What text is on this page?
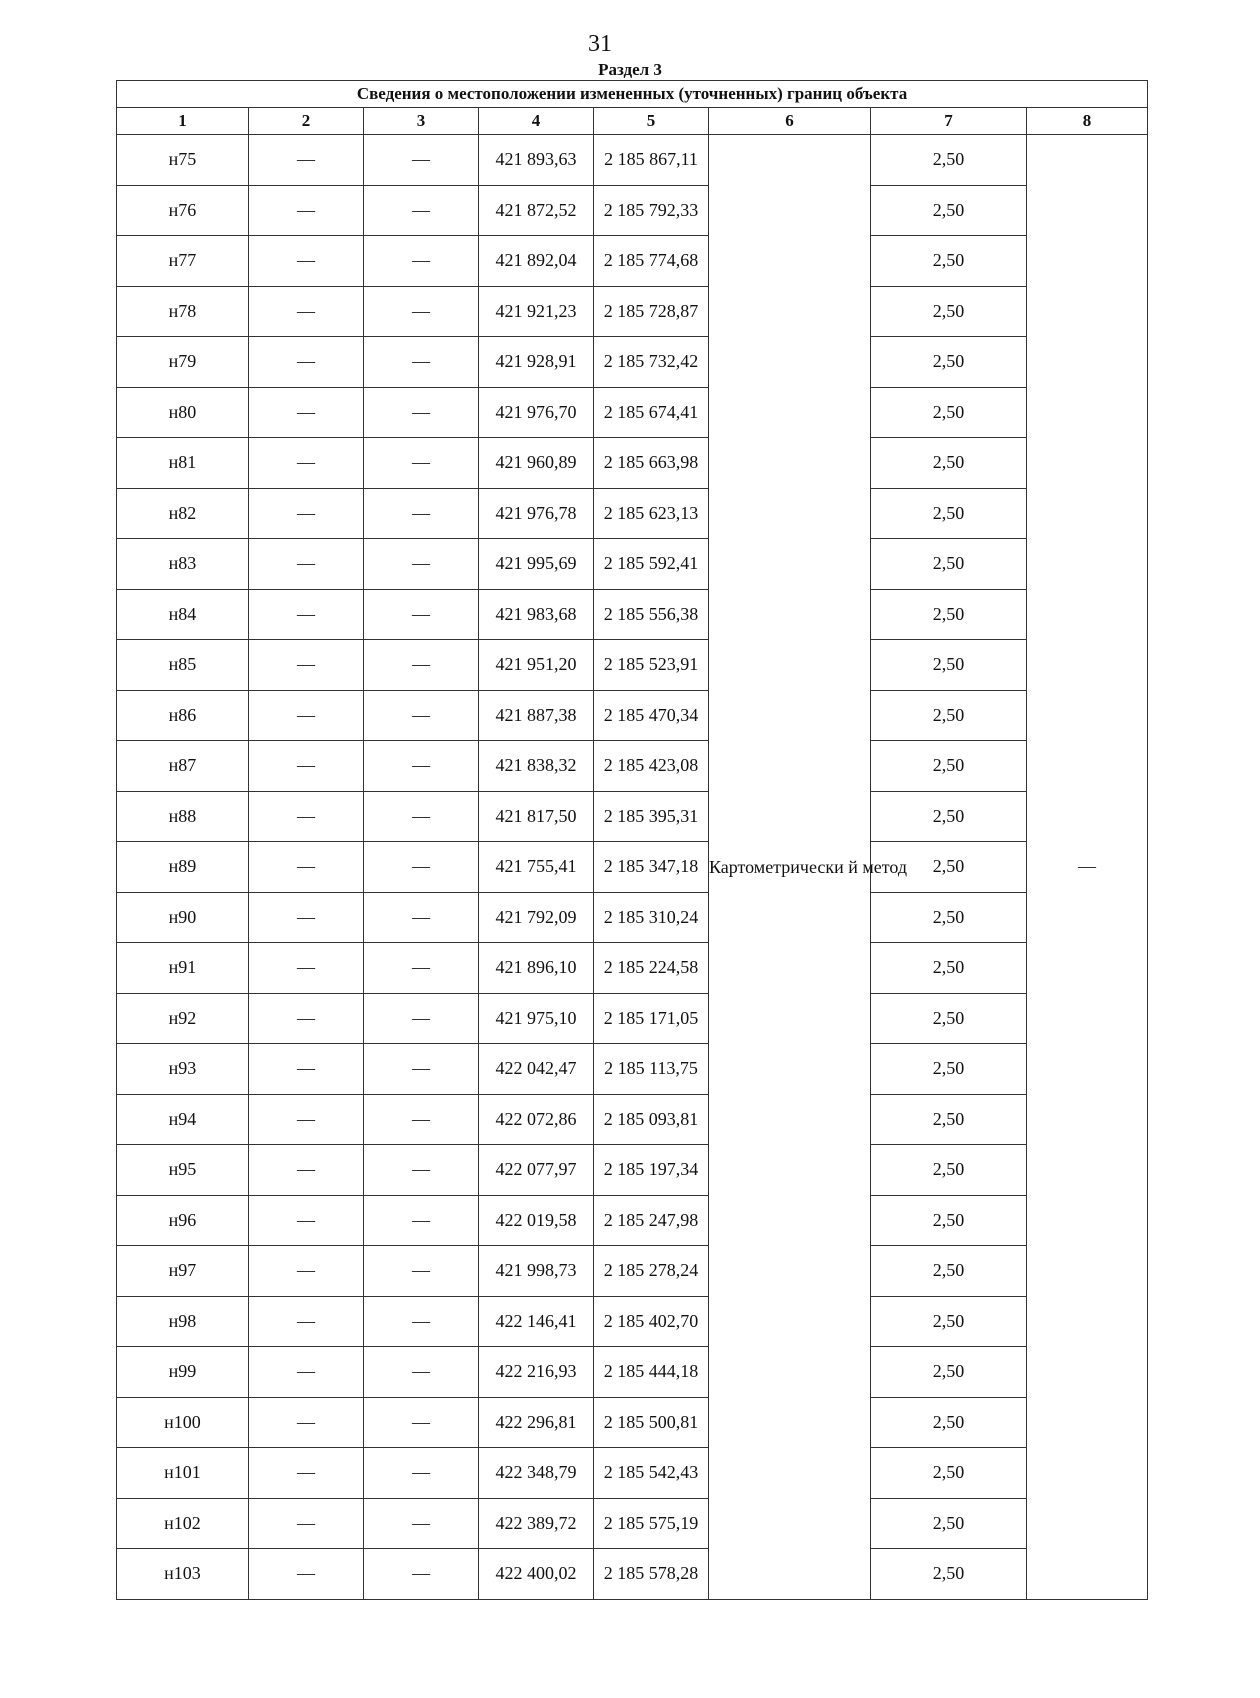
31
Раздел 3
Сведения о местоположении измененных (уточненных) границ объекта							
1	2	3	4	5	6	7	8
н75	—	—	421 893,63	2 185 867,11	Картометрически й метод	2,50	—
н76	—	—	421 872,52	2 185 792,33		2,50	
н77	—	—	421 892,04	2 185 774,68		2,50	
н78	—	—	421 921,23	2 185 728,87		2,50	
н79	—	—	421 928,91	2 185 732,42		2,50	
н80	—	—	421 976,70	2 185 674,41		2,50	
н81	—	—	421 960,89	2 185 663,98		2,50	
н82	—	—	421 976,78	2 185 623,13		2,50	
н83	—	—	421 995,69	2 185 592,41		2,50	
н84	—	—	421 983,68	2 185 556,38		2,50	
н85	—	—	421 951,20	2 185 523,91		2,50	
н86	—	—	421 887,38	2 185 470,34		2,50	
н87	—	—	421 838,32	2 185 423,08		2,50	
н88	—	—	421 817,50	2 185 395,31		2,50	
н89	—	—	421 755,41	2 185 347,18		2,50	
н90	—	—	421 792,09	2 185 310,24		2,50	
н91	—	—	421 896,10	2 185 224,58		2,50	
н92	—	—	421 975,10	2 185 171,05		2,50	
н93	—	—	422 042,47	2 185 113,75		2,50	
н94	—	—	422 072,86	2 185 093,81		2,50	
н95	—	—	422 077,97	2 185 197,34		2,50	
н96	—	—	422 019,58	2 185 247,98		2,50	
н97	—	—	421 998,73	2 185 278,24		2,50	
н98	—	—	422 146,41	2 185 402,70		2,50	
н99	—	—	422 216,93	2 185 444,18		2,50	
н100	—	—	422 296,81	2 185 500,81		2,50	
н101	—	—	422 348,79	2 185 542,43		2,50	
н102	—	—	422 389,72	2 185 575,19		2,50	
н103	—	—	422 400,02	2 185 578,28		2,50	
